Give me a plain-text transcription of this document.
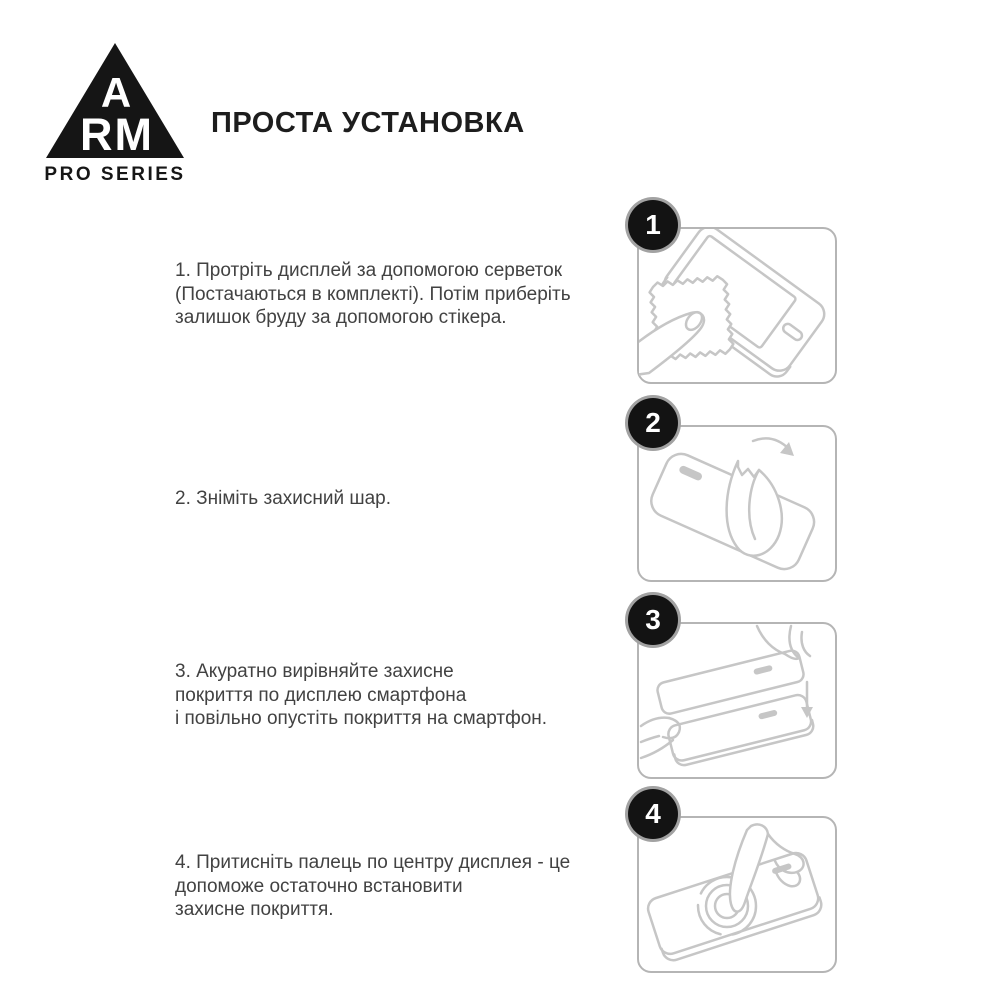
A
RM
PRO SERIES
ПРОСТА УСТАНОВКА
1. Протріть дисплей за допомогою серветок
(Постачаються в комплекті). Потім приберіть
залишок бруду за допомогою стікера.
1
2. Зніміть захисний шар.
2
3. Акуратно вирівняйте захисне
покриття по дисплею смартфона
і повільно опустіть покриття на смартфон.
3
4. Притисніть палець по центру дисплея - це
допоможе остаточно встановити
захисне покриття.
4
